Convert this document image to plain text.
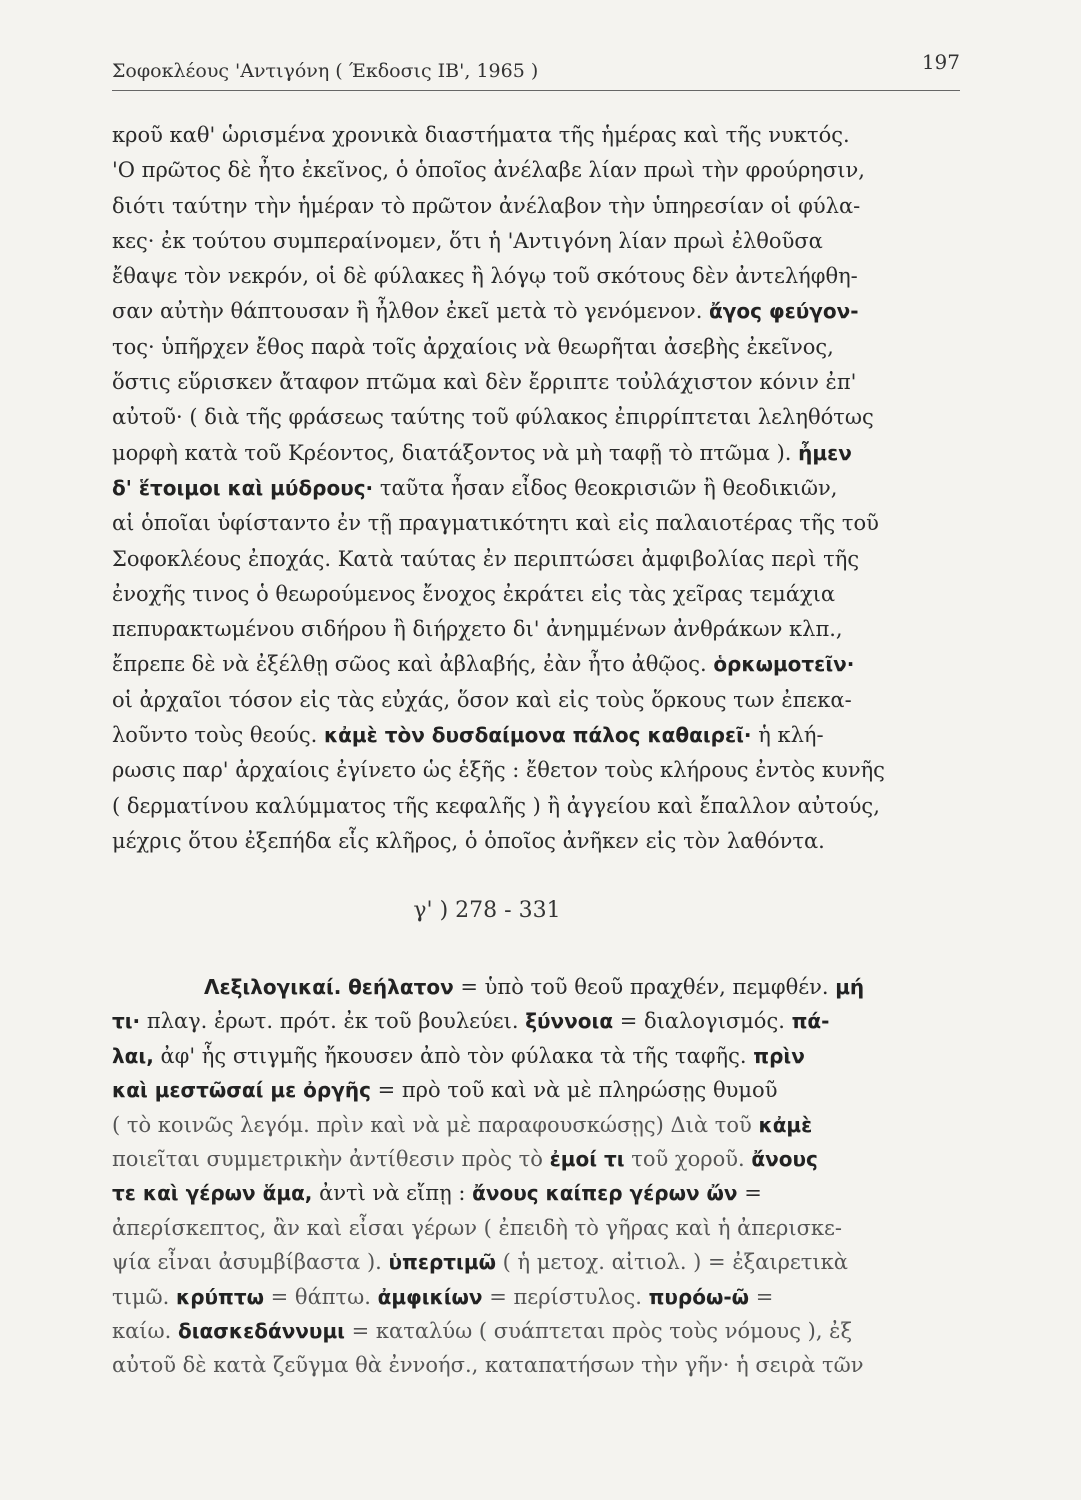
Σοφοκλέους 'Αντιγόνη ( Έκδοσις ΙΒ', 1965 )	197
κροῦ καθ' ὡρισμένα χρονικὰ διαστήματα τῆς ἡμέρας καὶ τῆς νυκτός.
'Ο πρῶτος δὲ ἦτο ἐκεῖνος, ὁ ὁποῖος ἀνέλαβε λίαν πρωὶ τὴν φρούρησιν,
διότι ταύτην τὴν ἡμέραν τὸ πρῶτον ἀνέλαβον τὴν ὑπηρεσίαν οἱ φύλα-
κες· ἐκ τούτου συμπεραίνομεν, ὅτι ἡ 'Αντιγόνη λίαν πρωὶ ἐλθοῦσα
ἔθαψε τὸν νεκρόν, οἱ δὲ φύλακες ἢ λόγῳ τοῦ σκότους δὲν ἀντελήφθη-
σαν αὐτὴν θάπτουσαν ἢ ἦλθον ἐκεῖ μετὰ τὸ γενόμενον. ἄγος φεύγον-
τος· ὑπῆρχεν ἔθος παρὰ τοῖς ἀρχαίοις νὰ θεωρῆται ἀσεβὴς ἐκεῖνος,
ὅστις εὕρισκεν ἄταφον πτῶμα καὶ δὲν ἔρριπτε τοὐλάχιστον κόνιν ἐπ'
αὐτοῦ· ( διὰ τῆς φράσεως ταύτης τοῦ φύλακος ἐπιρρίπτεται λεληθότως
μορφὴ κατὰ τοῦ Κρέοντος, διατάξοντος νὰ μὴ ταφῇ τὸ πτῶμα ). ἦμεν
δ' ἕτοιμοι καὶ μύδρους· ταῦτα ἦσαν εἶδος θεοκρισιῶν ἢ θεοδικιῶν,
αἱ ὁποῖαι ὑφίσταντο ἐν τῇ πραγματικότητι καὶ εἰς παλαιοτέρας τῆς τοῦ
Σοφοκλέους ἐποχάς. Κατὰ ταύτας ἐν περιπτώσει ἀμφιβολίας περὶ τῆς
ἐνοχῆς τινος ὁ θεωρούμενος ἔνοχος ἐκράτει εἰς τὰς χεῖρας τεμάχια
πεπυρακτωμένου σιδήρου ἢ διήρχετο δι' ἀνημμένων ἀνθράκων κλπ.,
ἔπρεπε δὲ νὰ ἐξέλθῃ σῶος καὶ ἀβλαβής, ἐὰν ἦτο ἀθῷος. ὁρκωμοτεῖν·
οἱ ἀρχαῖοι τόσον εἰς τὰς εὐχάς, ὅσον καὶ εἰς τοὺς ὅρκους των ἐπεκα-
λοῦντο τοὺς θεούς. κἀμὲ τὸν δυσδαίμονα πάλος καθαιρεῖ· ἡ κλή-
ρωσις παρ' ἀρχαίοις ἐγίνετο ὡς ἑξῆς : ἔθετον τοὺς κλήρους ἐντὸς κυνῆς
( δερματίνου καλύμματος τῆς κεφαλῆς ) ἢ ἀγγείου καὶ ἔπαλλον αὐτούς,
μέχρις ὅτου ἐξεπήδα εἷς κλῆρος, ὁ ὁποῖος ἀνῆκεν εἰς τὸν λαθόντα.
γ' ) 278 - 331
Λεξιλογικαί. θεήλατον = ὑπὸ τοῦ θεοῦ πραχθέν, πεμφθέν. μή
τι· πλαγ. ἐρωτ. πρότ. ἐκ τοῦ βουλεύει. ξύννοια = διαλογισμός. πά-
λαι, ἀφ' ἧς στιγμῆς ἤκουσεν ἀπὸ τὸν φύλακα τὰ τῆς ταφῆς. πρὶν
καὶ μεστῶσαί με ὀργῆς = πρὸ τοῦ καὶ νὰ μὲ πληρώσῃς θυμοῦ
( τὸ κοινῶς λεγόμ. πρὶν καὶ νὰ μὲ παραφουσκώσῃς) Διὰ τοῦ κἀμὲ
ποιεῖται συμμετρικὴν ἀντίθεσιν πρὸς τὸ ἐμοί τι τοῦ χοροῦ. ἄνους
τε καὶ γέρων ἅμα, ἀντὶ νὰ εἴπῃ : ἄνους καίπερ γέρων ὤν =
ἀπερίσκεπτος, ἂν καὶ εἶσαι γέρων ( ἐπειδὴ τὸ γῆρας καὶ ἡ ἀπερισκε-
ψία εἶναι ἀσυμβίβαστα ). ὑπερτιμῶ ( ἡ μετοχ. αἰτιολ. ) = ἐξαιρετικὰ
τιμῶ. κρύπτω = θάπτω. ἀμφικίων = περίστυλος. πυρόω-ῶ =
καίω. διασκεδάννυμι = καταλύω ( συάπτεται πρὸς τοὺς νόμους ), ἐξ
αὐτοῦ δὲ κατὰ ζεῦγμα θὰ ἐννοήσ., καταπατήσων τὴν γῆν· ἡ σειρὰ τῶν
